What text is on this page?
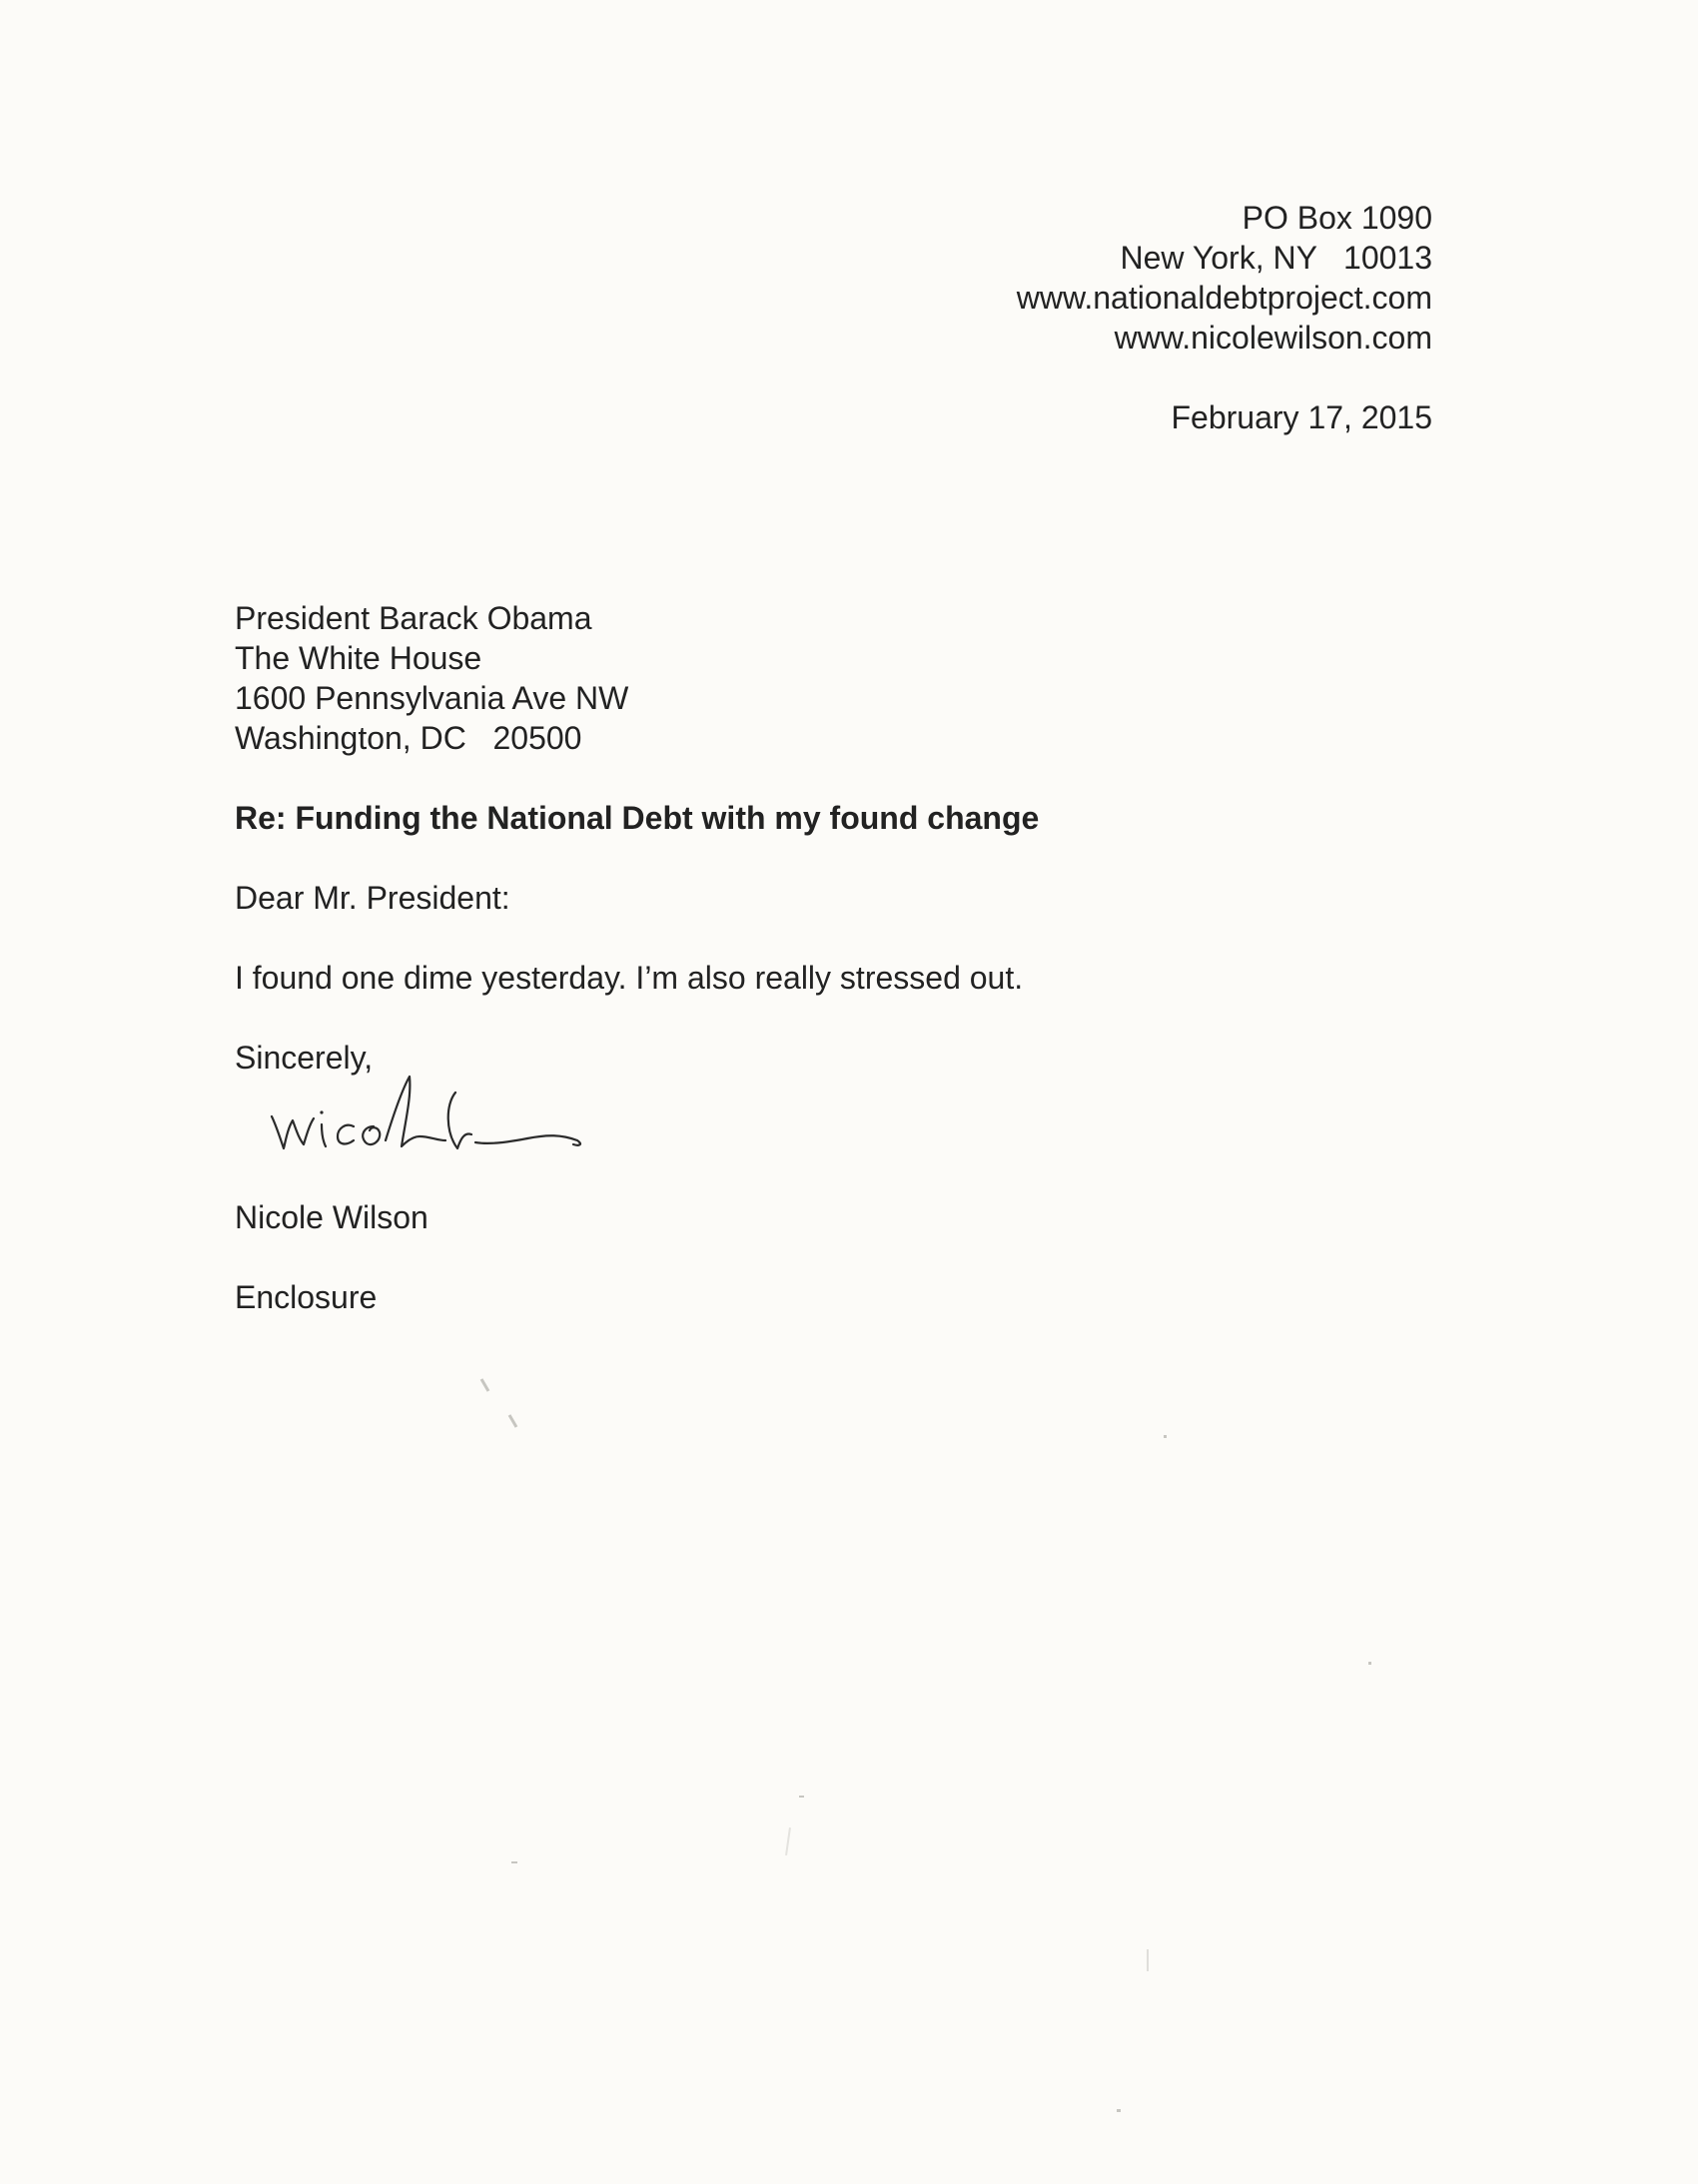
PO Box 1090
New York, NY   10013
www.nationaldebtproject.com
www.nicolewilson.com
February 17, 2015
President Barack Obama
The White House
1600 Pennsylvania Ave NW
Washington, DC   20500
Re: Funding the National Debt with my found change
Dear Mr. President:
I found one dime yesterday. I’m also really stressed out.
Sincerely,
Nicole Wilson
Enclosure
